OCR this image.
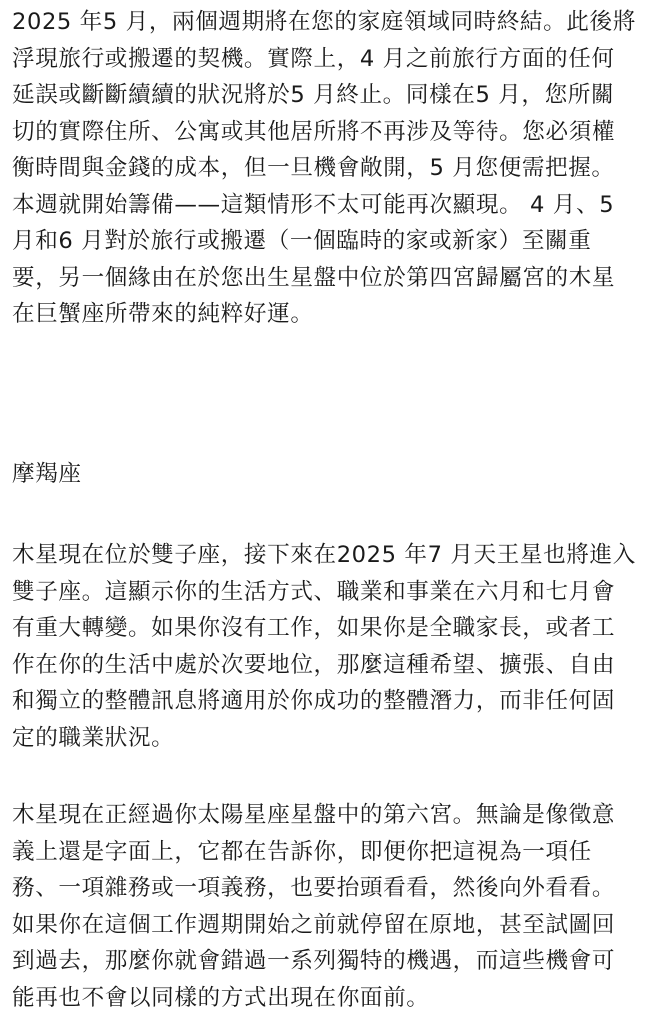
2025 年5 月，兩個週期將在您的家庭領域同時終結。此後將
浮現旅行或搬遷的契機。實際上，4 月之前旅行方面的任何
延誤或斷斷續續的狀況將於5 月終止。同樣在5 月，您所關
切的實際住所、公寓或其他居所將不再涉及等待。您必須權
衡時間與金錢的成本，但一旦機會敞開，5 月您便需把握。
本週就開始籌備——這類情形不太可能再次顯現。 4 月、5
月和6 月對於旅行或搬遷（一個臨時的家或新家）至關重
要，另一個緣由在於您出生星盤中位於第四宮歸屬宮的木星
在巨蟹座所帶來的純粹好運。
摩羯座
木星現在位於雙子座，接下來在2025 年7 月天王星也將進入
雙子座。這顯示你的生活方式、職業和事業在六月和七月會
有重大轉變。如果你沒有工作，如果你是全職家長，或者工
作在你的生活中處於次要地位，那麼這種希望、擴張、自由
和獨立的整體訊息將適用於你成功的整體潛力，而非任何固
定的職業狀況。
木星現在正經過你太陽星座星盤中的第六宮。無論是像徵意
義上還是字面上，它都在告訴你，即便你把這視為一項任
務、一項雜務或一項義務，也要抬頭看看，然後向外看看。
如果你在這個工作週期開始之前就停留在原地，甚至試圖回
到過去，那麼你就會錯過一系列獨特的機遇，而這些機會可
能再也不會以同樣的方式出現在你面前。
